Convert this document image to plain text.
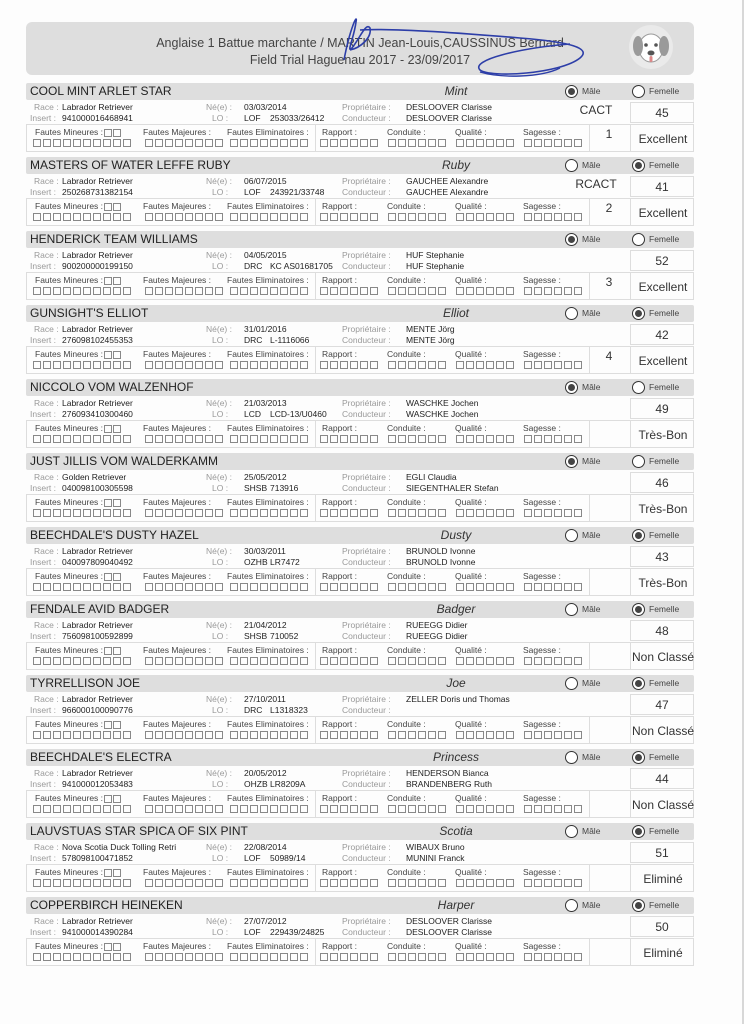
Anglaise 1 Battue marchante / MARTIN Jean-Louis,CAUSSINUS Bernard
Field Trial Haguenau 2017 - 23/09/2017
COOL MINT ARLET STAR	Mint	Mâle	Femelle
Race : Labrador Retriever
Insert : 941000016468941
Né(e) : 03/03/2014
LO : LOF 253033/26412
Propriétaire : DESLOOVER Clarisse
Conducteur : DESLOOVER Clarisse
CACT	45
Fautes Mineures :	Fautes Majeures : Fautes Eliminatoires : Rapport :	Conduite :	Qualité :	Sagesse :	1	Excellent
MASTERS OF WATER LEFFE RUBY	Ruby	Mâle	Femelle
Race : Labrador Retriever
Insert : 250268731382154
Né(e) : 06/07/2015
LO : LOF 243921/33748
Propriétaire : GAUCHEE Alexandre
Conducteur : GAUCHEE Alexandre
RCACT	41
Fautes Mineures :	Fautes Majeures : Fautes Eliminatoires : Rapport :	Conduite :	Qualité :	Sagesse :	2	Excellent
HENDERICK TEAM WILLIAMS	Mâle	Femelle
Race : Labrador Retriever
Insert : 900200000199150
Né(e) : 04/05/2015
LO : DRC KC AS01681705
Propriétaire : HUF Stephanie
Conducteur : HUF Stephanie	52
Fautes Mineures :	Fautes Majeures : Fautes Eliminatoires : Rapport :	Conduite :	Qualité :	Sagesse :	3	Excellent
GUNSIGHT'S ELLIOT	Elliot	Mâle	Femelle
Race : Labrador Retriever
Insert : 276098102455353
Né(e) : 31/01/2016
LO : DRC L-1116066
Propriétaire : MENTE Jörg
Conducteur : MENTE Jörg	42
Fautes Mineures :	Fautes Majeures : Fautes Eliminatoires : Rapport :	Conduite :	Qualité :	Sagesse :	4	Excellent
NICCOLO VOM WALZENHOF	Mâle	Femelle
Race : Labrador Retriever
Insert : 276093410300460
Né(e) : 21/03/2013
LO : LCD LCD-13/U0460
Propriétaire : WASCHKE Jochen
Conducteur : WASCHKE Jochen	49
Fautes Mineures :	Fautes Majeures : Fautes Eliminatoires : Rapport :	Conduite :	Qualité :	Sagesse :	Très-Bon
JUST JILLIS VOM WALDERKAMM	Mâle	Femelle
Race : Golden Retriever
Insert : 040098100305598
Né(e) : 25/05/2012
LO : SHSB 713916
Propriétaire : EGLI Claudia
Conducteur : SIEGENTHALER Stefan	46
Fautes Mineures :	Fautes Majeures : Fautes Eliminatoires : Rapport :	Conduite :	Qualité :	Sagesse :	Très-Bon
BEECHDALE'S DUSTY HAZEL	Dusty	Mâle	Femelle
Race : Labrador Retriever
Insert : 040097809040492
Né(e) : 30/03/2011
LO : OZHB LR7472
Propriétaire : BRUNOLD Ivonne
Conducteur : BRUNOLD Ivonne	43
Fautes Mineures :	Fautes Majeures : Fautes Eliminatoires : Rapport :	Conduite :	Qualité :	Sagesse :	Très-Bon
FENDALE AVID BADGER	Badger	Mâle	Femelle
Race : Labrador Retriever
Insert : 756098100592899
Né(e) : 21/04/2012
LO : SHSB 710052
Propriétaire : RUEEGG Didier
Conducteur : RUEEGG Didier	48
Fautes Mineures :	Fautes Majeures : Fautes Eliminatoires : Rapport :	Conduite :	Qualité :	Sagesse :	Non Classé
TYRRELLISON JOE	Joe	Mâle	Femelle
Race : Labrador Retriever
Insert : 966000100090776
Né(e) : 27/10/2011
LO : DRC L1318323
Propriétaire : ZELLER Doris und Thomas
Conducteur :	47
Fautes Mineures :	Fautes Majeures : Fautes Eliminatoires : Rapport :	Conduite :	Qualité :	Sagesse :	Non Classé
BEECHDALE'S ELECTRA	Princess	Mâle	Femelle
Race : Labrador Retriever
Insert : 941000012053483
Né(e) : 20/05/2012
LO : OHZB LR8209A
Propriétaire : HENDERSON Bianca
Conducteur : BRANDENBERG Ruth	44
Fautes Mineures :	Fautes Majeures : Fautes Eliminatoires : Rapport :	Conduite :	Qualité :	Sagesse :	Non Classé
LAUVSTUAS STAR SPICA OF SIX PINT	Scotia	Mâle	Femelle
Race : Nova Scotia Duck Tolling Retri
Insert : 578098100471852
Né(e) : 22/08/2014
LO : LOF 50989/14
Propriétaire : WIBAUX Bruno
Conducteur : MUNINI Franck	51
Fautes Mineures :	Fautes Majeures : Fautes Eliminatoires : Rapport :	Conduite :	Qualité :	Sagesse :	Eliminé
COPPERBIRCH HEINEKEN	Harper	Mâle	Femelle
Race : Labrador Retriever
Insert : 941000014390284
Né(e) : 27/07/2012
LO : LOF 229439/24825
Propriétaire : DESLOOVER Clarisse
Conducteur : DESLOOVER Clarisse	50
Fautes Mineures :	Fautes Majeures : Fautes Eliminatoires : Rapport :	Conduite :	Qualité :	Sagesse :	Eliminé
